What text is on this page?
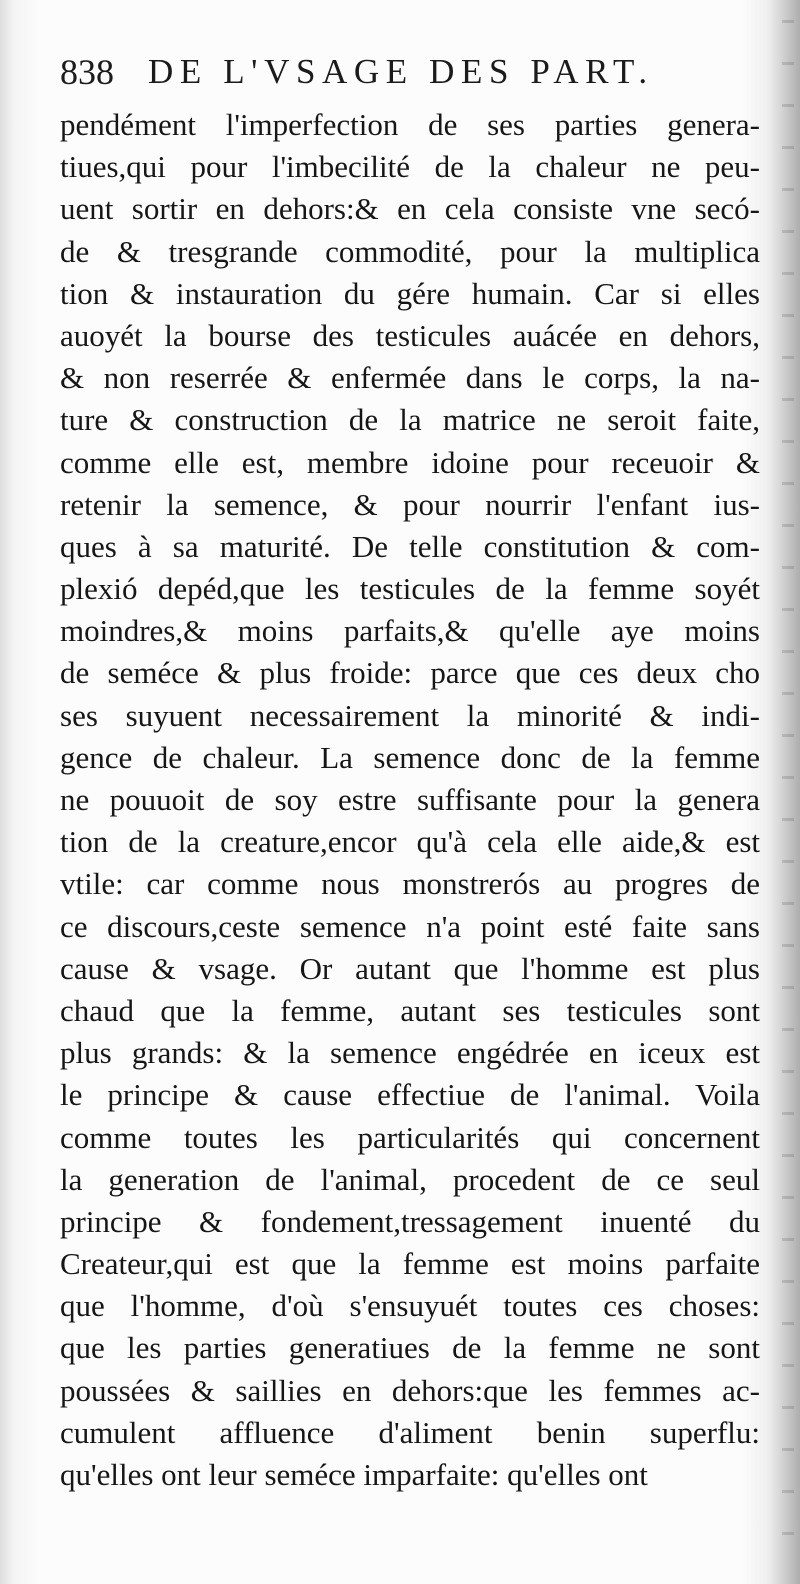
838 DE L'VSAGE DES PART.
pendément l'imperfection de ses parties genera-
tiues,qui pour l'imbecilité de la chaleur ne peu-
uent sortir en dehors:& en cela consiste vne secó-
de & tresgrande commodité, pour la multiplica
tion & instauration du gére humain. Car si elles
auoyét la bourse des testicules auácée en dehors,
& non reserrée & enfermée dans le corps, la na-
ture & construction de la matrice ne seroit faite,
comme elle est, membre idoine pour receuoir &
retenir la semence, & pour nourrir l'enfant ius-
ques à sa maturité. De telle constitution & com-
plexió depéd,que les testicules de la femme soyét
moindres,& moins parfaits,& qu'elle aye moins
de seméce & plus froide: parce que ces deux cho
ses suyuent necessairement la minorité & indi-
gence de chaleur. La semence donc de la femme
ne pouuoit de soy estre suffisante pour la genera
tion de la creature,encor qu'à cela elle aide,& est
vtile: car comme nous monstrerós au progres de
ce discours,ceste semence n'a point esté faite sans
cause & vsage. Or autant que l'homme est plus
chaud que la femme, autant ses testicules sont
plus grands: & la semence engédrée en iceux est
le principe & cause effectiue de l'animal. Voila
comme toutes les particularités qui concernent
la generation de l'animal, procedent de ce seul
principe & fondement,tressagement inuenté du
Createur,qui est que la femme est moins parfaite
que l'homme, d'où s'ensuyuét toutes ces choses:
que les parties generatiues de la femme ne sont
poussées & saillies en dehors:que les femmes ac-
cumulent affluence d'aliment benin superflu:
qu'elles ont leur seméce imparfaite: qu'elles ont
